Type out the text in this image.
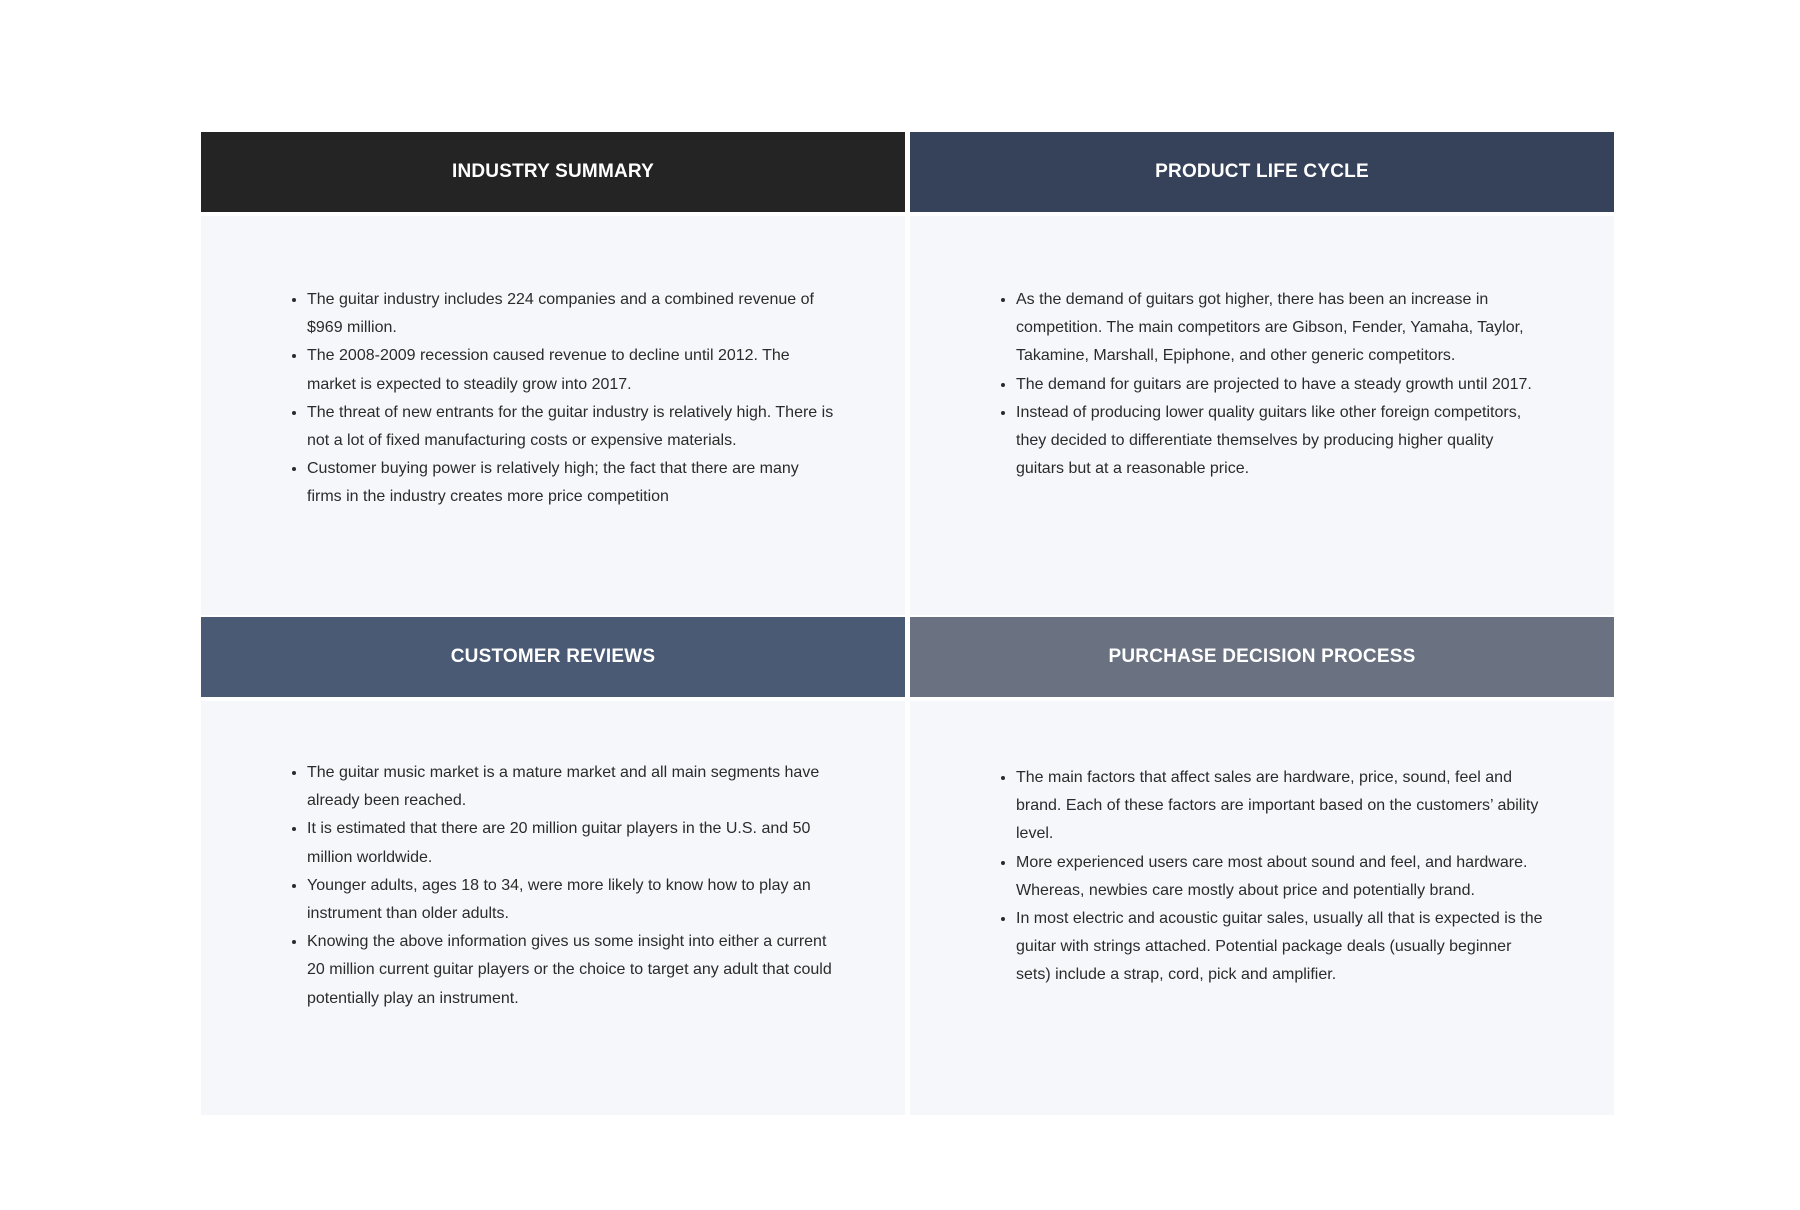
INDUSTRY SUMMARY
• The guitar industry includes 224 companies and a combined revenue of $969 million.
• The 2008-2009 recession caused revenue to decline until 2012. The market is expected to steadily grow into 2017.
• The threat of new entrants for the guitar industry is relatively high. There is not a lot of fixed manufacturing costs or expensive materials.
• Customer buying power is relatively high; the fact that there are many firms in the industry creates more price competition
PRODUCT LIFE CYCLE
• As the demand of guitars got higher, there has been an increase in competition. The main competitors are Gibson, Fender, Yamaha, Taylor, Takamine, Marshall, Epiphone, and other generic competitors.
• The demand for guitars are projected to have a steady growth until 2017.
• Instead of producing lower quality guitars like other foreign competitors, they decided to differentiate themselves by producing higher quality guitars but at a reasonable price.
CUSTOMER REVIEWS
• The guitar music market is a mature market and all main segments have already been reached.
• It is estimated that there are 20 million guitar players in the U.S. and 50 million worldwide.
• Younger adults, ages 18 to 34, were more likely to know how to play an instrument than older adults.
• Knowing the above information gives us some insight into either a current 20 million current guitar players or the choice to target any adult that could potentially play an instrument.
PURCHASE DECISION PROCESS
• The main factors that affect sales are hardware, price, sound, feel and brand. Each of these factors are important based on the customers’ ability level.
• More experienced users care most about sound and feel, and hardware. Whereas, newbies care mostly about price and potentially brand.
• In most electric and acoustic guitar sales, usually all that is expected is the guitar with strings attached. Potential package deals (usually beginner sets) include a strap, cord, pick and amplifier.
